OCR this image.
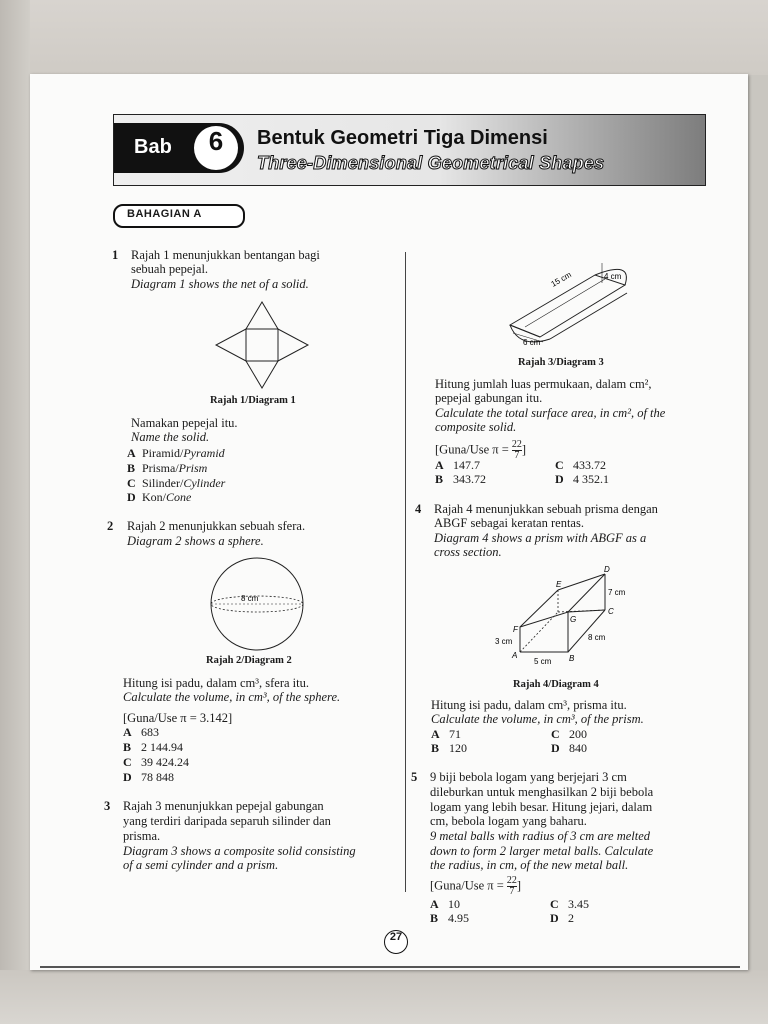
Bab	6	Bentuk Geometri Tiga Dimensi
Three-Dimensional Geometrical Shapes
BAHAGIAN A
1 Rajah 1 menunjukkan bentangan bagi
sebuah pepejal.
Diagram 1 shows the net of a solid.
Rajah 1/Diagram 1
Namakan pepejal itu.
Name the solid.
A Piramid/Pyramid
B Prisma/Prism
C Silinder/Cylinder
D Kon/Cone
2 Rajah 2 menunjukkan sebuah sfera.
Diagram 2 shows a sphere.
8 cm
Rajah 2/Diagram 2
Hitung isi padu, dalam cm³, sfera itu.
Calculate the volume, in cm³, of the sphere.
[Guna/Use π = 3.142]
A 683
B 2 144.94
C 39 424.24
D 78 848
3 Rajah 3 menunjukkan pepejal gabungan
yang terdiri daripada separuh silinder dan
prisma.
Diagram 3 shows a composite solid consisting
of a semi cylinder and a prism.
15 cm	4 cm
6 cm
Rajah 3/Diagram 3
Hitung jumlah luas permukaan, dalam cm²,
pepejal gabungan itu.
Calculate the total surface area, in cm², of the
composite solid.
[Guna/Use $\pi = \frac{22}{7}$ ]
A 147.7
B 343.72
C 433.72
D 4 352.1
4 Rajah 4 menunjukkan sebuah prisma dengan
ABGF sebagai keratan rentas.
Diagram 4 shows a prism with ABGF as a
cross section.
A	B
C
D
E
F
G
7 cm
8 cm
3 cm
5 cm
Rajah 4/Diagram 4
Hitung isi padu, dalam cm³, prisma itu.
Calculate the volume, in cm³, of the prism.
A 71
B 120
C 200
D 840
5 9 biji bebola logam yang berjejari 3 cm
dileburkan untuk menghasilkan 2 biji bebola
logam yang lebih besar. Hitung jejari, dalam
cm, bebola logam yang baharu.
9 metal balls with radius of 3 cm are melted
down to form 2 larger metal balls. Calculate
the radius, in cm, of the new metal ball.
[Guna/Use $\pi = \frac{22}{7}$ ]
A 10
B 4.95
C 3.45
D 2
27
